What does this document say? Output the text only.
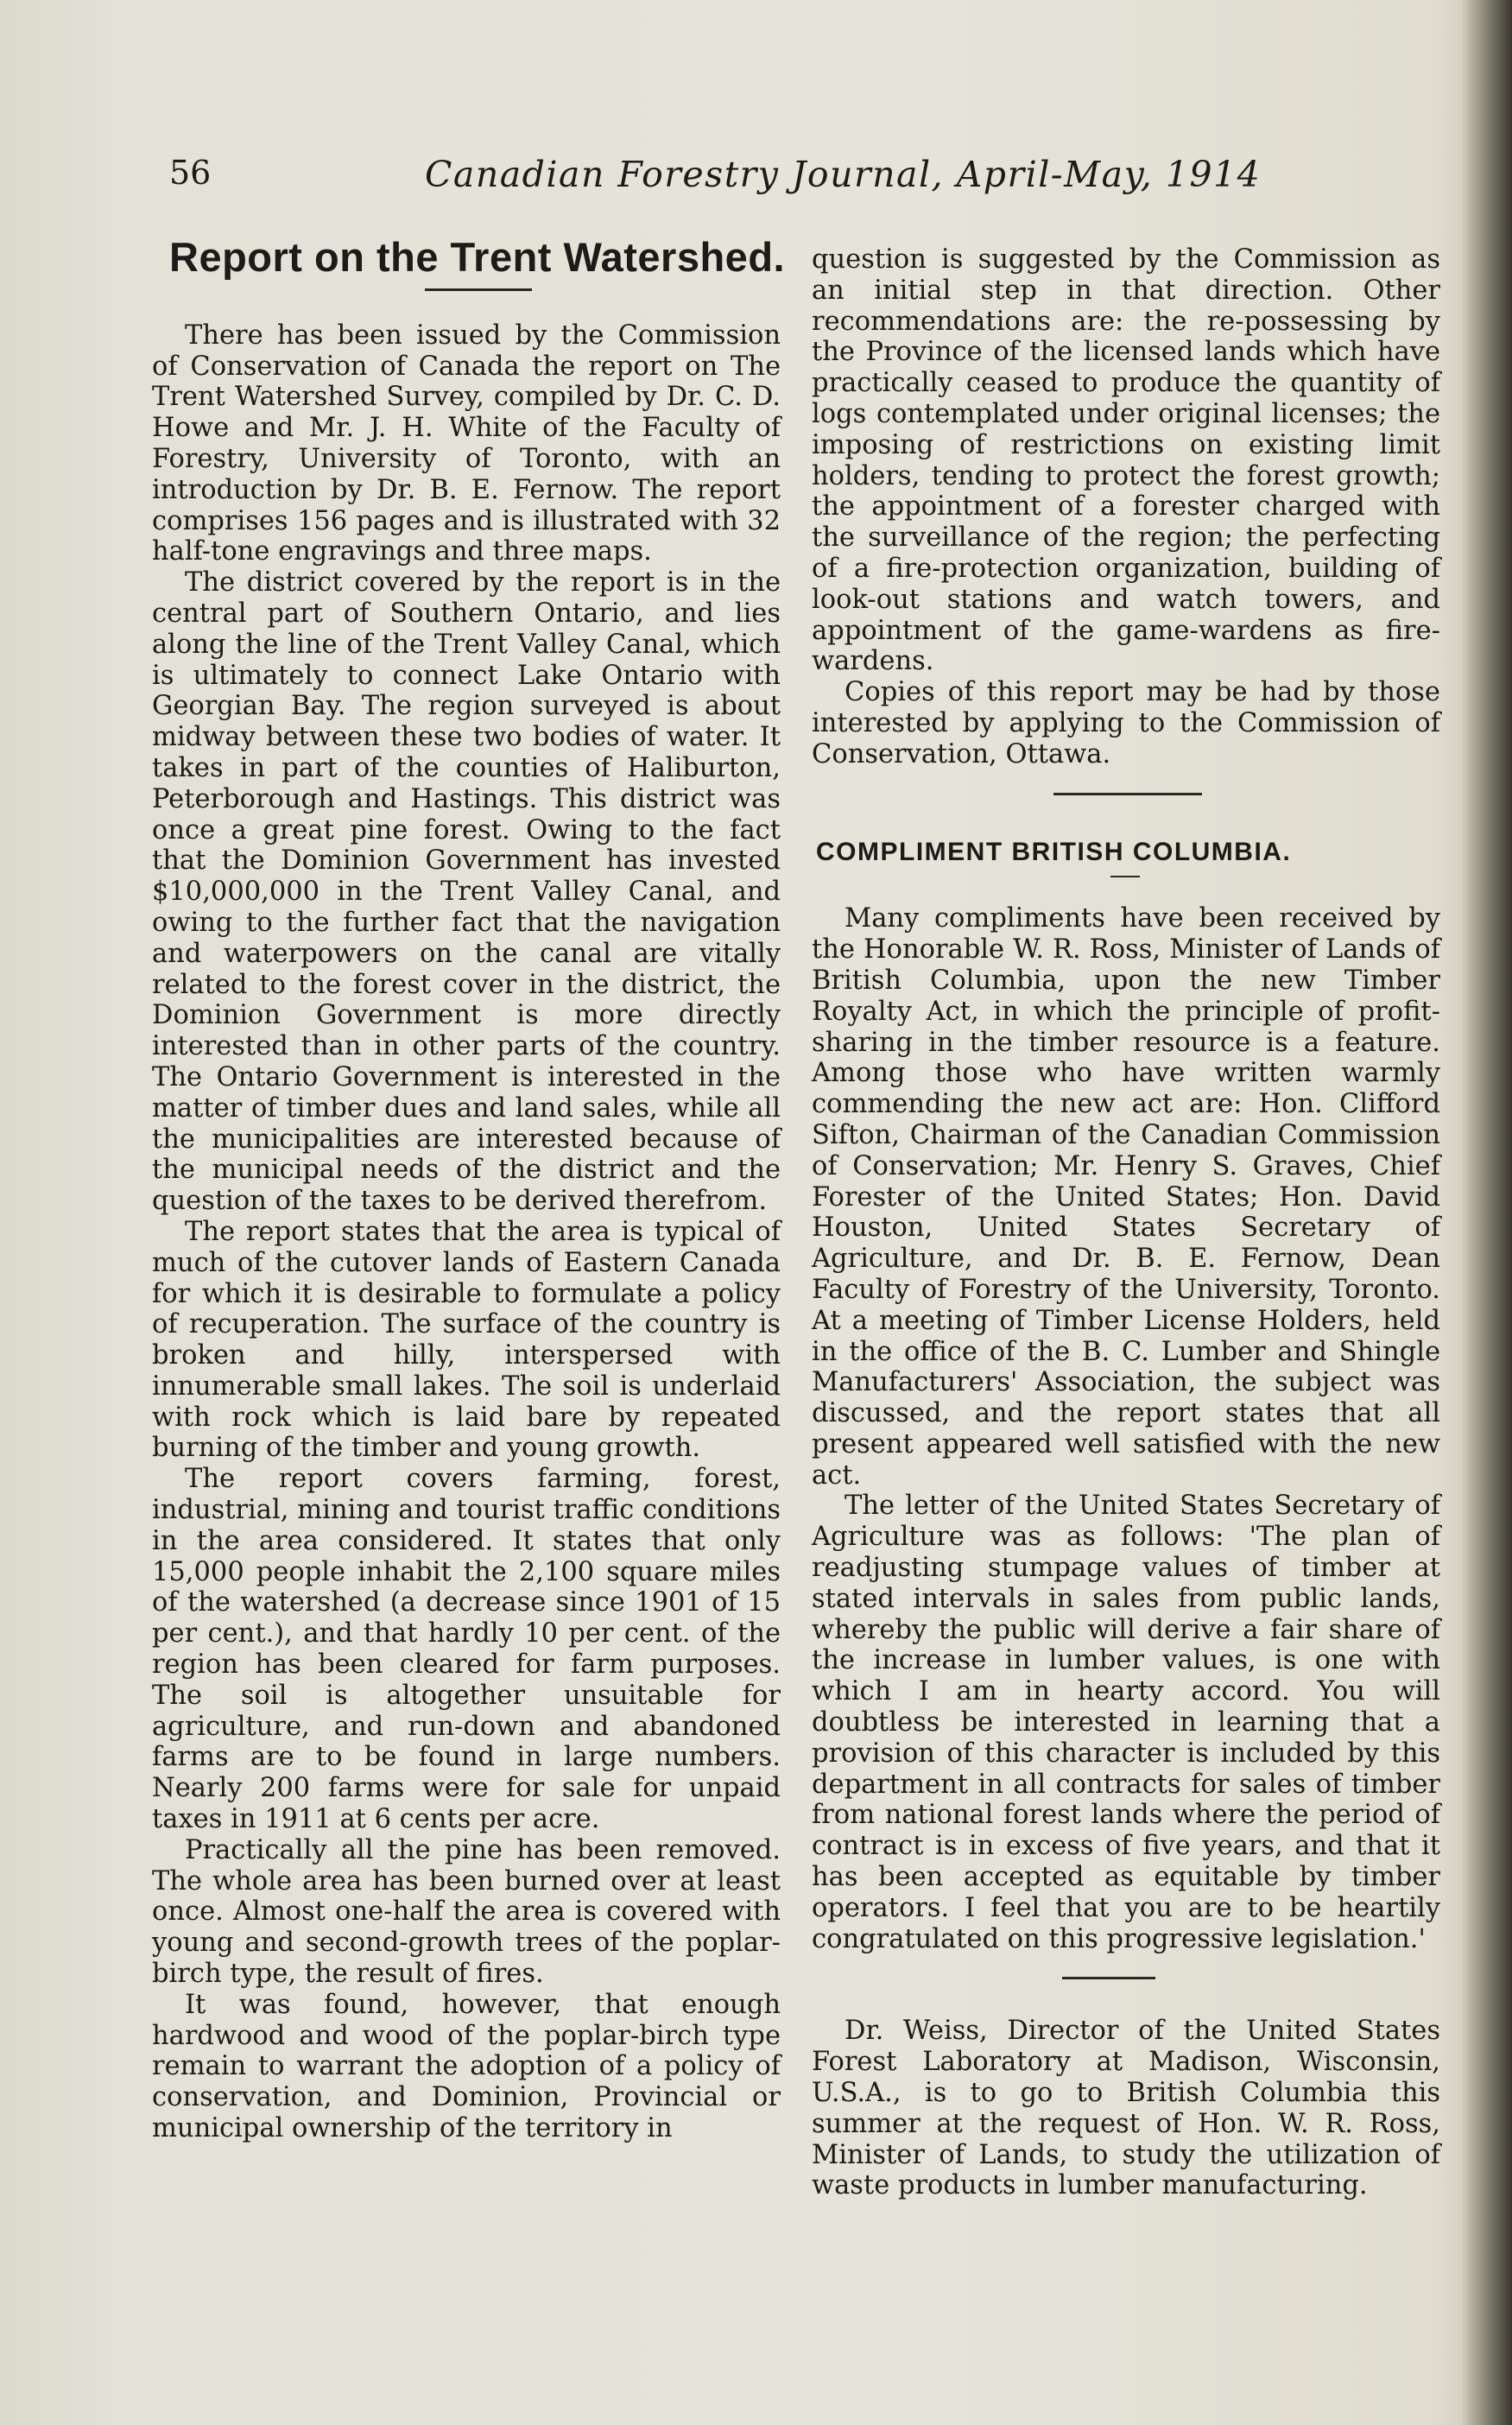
56	Canadian Forestry Journal, April-May, 1914
Report on the Trent Watershed.

There has been issued by the Commission of Conservation of Canada the report on The Trent Watershed Survey, compiled by Dr. C. D. Howe and Mr. J. H. White of the Faculty of Forestry, University of Toronto, with an introduction by Dr. B. E. Fernow. The report comprises 156 pages and is illustrated with 32 half-tone engravings and three maps.

The district covered by the report is in the central part of Southern Ontario, and lies along the line of the Trent Valley Canal, which is ultimately to connect Lake Ontario with Georgian Bay. The region surveyed is about midway between these two bodies of water. It takes in part of the counties of Haliburton, Peterborough and Hastings. This district was once a great pine forest. Owing to the fact that the Dominion Government has invested $10,000,000 in the Trent Valley Canal, and owing to the further fact that the navigation and waterpowers on the canal are vitally related to the forest cover in the district, the Dominion Government is more directly interested than in other parts of the country. The Ontario Government is interested in the matter of timber dues and land sales, while all the municipalities are interested because of the municipal needs of the district and the question of the taxes to be derived therefrom.

The report states that the area is typical of much of the cutover lands of Eastern Canada for which it is desirable to formulate a policy of recuperation. The surface of the country is broken and hilly, interspersed with innumerable small lakes. The soil is underlaid with rock which is laid bare by repeated burning of the timber and young growth.

The report covers farming, forest, industrial, mining and tourist traffic conditions in the area considered. It states that only 15,000 people inhabit the 2,100 square miles of the watershed (a decrease since 1901 of 15 per cent.), and that hardly 10 per cent. of the region has been cleared for farm purposes. The soil is altogether unsuitable for agriculture, and run-down and abandoned farms are to be found in large numbers. Nearly 200 farms were for sale for unpaid taxes in 1911 at 6 cents per acre.

Practically all the pine has been removed. The whole area has been burned over at least once. Almost one-half the area is covered with young and second-growth trees of the poplar-birch type, the result of fires.

It was found, however, that enough hardwood and wood of the poplar-birch type remain to warrant the adoption of a policy of conservation, and Dominion, Provincial or municipal ownership of the territory in

question is suggested by the Commission as an initial step in that direction. Other recommendations are: the re-possessing by the Province of the licensed lands which have practically ceased to produce the quantity of logs contemplated under original licenses; the imposing of restrictions on existing limit holders, tending to protect the forest growth; the appointment of a forester charged with the surveillance of the region; the perfecting of a fire-protection organization, building of look-out stations and watch towers, and appointment of the game-wardens as fire-wardens.

Copies of this report may be had by those interested by applying to the Commission of Conservation, Ottawa.

COMPLIMENT BRITISH COLUMBIA.

Many compliments have been received by the Honorable W. R. Ross, Minister of Lands of British Columbia, upon the new Timber Royalty Act, in which the principle of profit-sharing in the timber resource is a feature. Among those who have written warmly commending the new act are: Hon. Clifford Sifton, Chairman of the Canadian Commission of Conservation; Mr. Henry S. Graves, Chief Forester of the United States; Hon. David Houston, United States Secretary of Agriculture, and Dr. B. E. Fernow, Dean Faculty of Forestry of the University, Toronto. At a meeting of Timber License Holders, held in the office of the B. C. Lumber and Shingle Manufacturers' Association, the subject was discussed, and the report states that all present appeared well satisfied with the new act.

The letter of the United States Secretary of Agriculture was as follows: 'The plan of readjusting stumpage values of timber at stated intervals in sales from public lands, whereby the public will derive a fair share of the increase in lumber values, is one with which I am in hearty accord. You will doubtless be interested in learning that a provision of this character is included by this department in all contracts for sales of timber from national forest lands where the period of contract is in excess of five years, and that it has been accepted as equitable by timber operators. I feel that you are to be heartily congratulated on this progressive legislation.'

Dr. Weiss, Director of the United States Forest Laboratory at Madison, Wisconsin, U.S.A., is to go to British Columbia this summer at the request of Hon. W. R. Ross, Minister of Lands, to study the utilization of waste products in lumber manufacturing.
